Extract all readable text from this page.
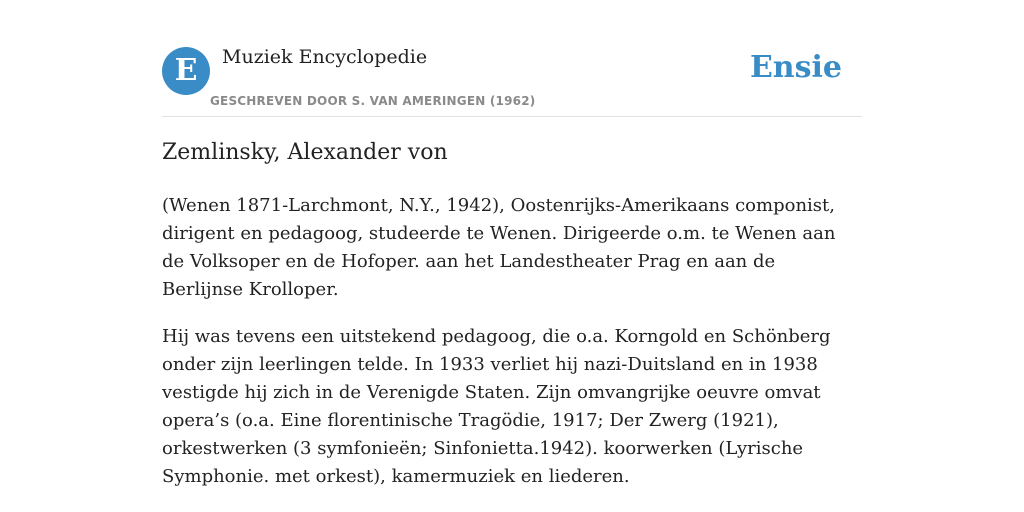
E	Muziek Encyclopedie
GESCHREVEN DOOR S. VAN AMERINGEN (1962)
Ensie
Zemlinsky, Alexander von

(Wenen 1871-Larchmont, N.Y., 1942), Oostenrijks-Amerikaans componist, dirigent en pedagoog, studeerde te Wenen. Dirigeerde o.m. te Wenen aan de Volksoper en de Hofoper. aan het Landestheater Prag en aan de Berlijnse Krolloper.

Hij was tevens een uitstekend pedagoog, die o.a. Korngold en Schönberg onder zijn leerlingen telde. In 1933 verliet hij nazi-Duitsland en in 1938 vestigde hij zich in de Verenigde Staten. Zijn omvangrijke oeuvre omvat opera’s (o.a. Eine florentinische Tragödie, 1917; Der Zwerg (1921), orkestwerken (3 symfonieën; Sinfonietta.1942). koorwerken (Lyrische Symphonie. met orkest), kamermuziek en liederen.
